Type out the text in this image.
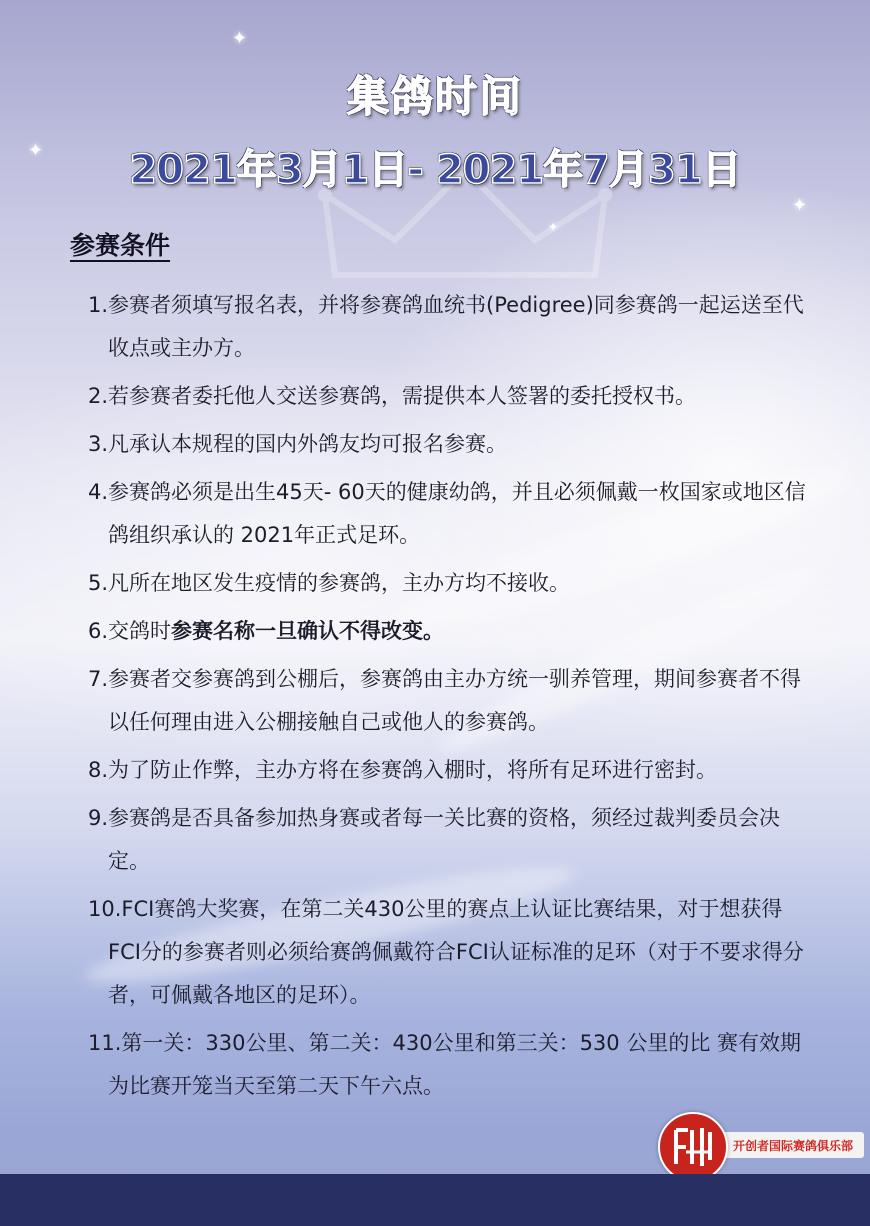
✦
✦
✦
✦
集鸽时间
2021年3月1日- 2021年7月31日
参赛条件
1.参赛者须填写报名表，并将参赛鸽血统书(Pedigree)同参赛鸽一起运送至代收点或主办方。
2.若参赛者委托他人交送参赛鸽，需提供本人签署的委托授权书。
3.凡承认本规程的国内外鸽友均可报名参赛。
4.参赛鸽必须是出生45天- 60天的健康幼鸽，并且必须佩戴一枚国家或地区信鸽组织承认的 2021年正式足环。
5.凡所在地区发生疫情的参赛鸽，主办方均不接收。
6.交鸽时参赛名称一旦确认不得改变。
7.参赛者交参赛鸽到公棚后，参赛鸽由主办方统一驯养管理，期间参赛者不得以任何理由进入公棚接触自己或他人的参赛鸽。
8.为了防止作弊，主办方将在参赛鸽入棚时，将所有足环进行密封。
9.参赛鸽是否具备参加热身赛或者每一关比赛的资格，须经过裁判委员会决定。
10.FCI赛鸽大奖赛，在第二关430公里的赛点上认证比赛结果，对于想获得FCI分的参赛者则必须给赛鸽佩戴符合FCI认证标准的足环（对于不要求得分者，可佩戴各地区的足环）。
11.第一关：330公里、第二关：430公里和第三关：530 公里的比 赛有效期为比赛开笼当天至第二天下午六点。
开创者国际赛鸽俱乐部
